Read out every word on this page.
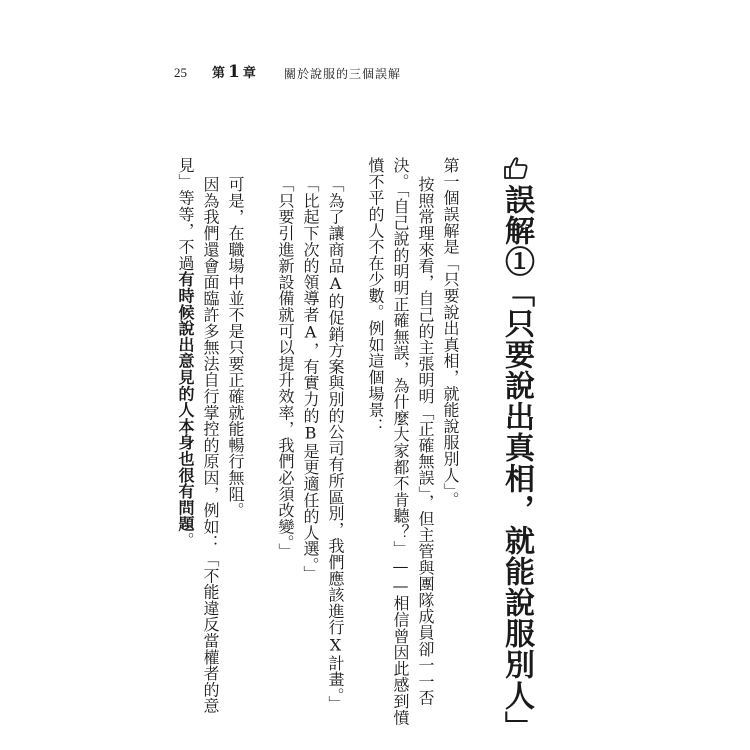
25 第 1 章 關於說服的三個誤解
誤解①「只要說出真相，就能說服別人」
第一個誤解是「只要說出真相，就能說服別人」。
按照常理來看，自己的主張明明「正確無誤」，但主管與團隊成員卻一一否
決。「自己說的明明正確無誤，為什麼大家都不肯聽？」——相信曾因此感到憤
憤不平的人不在少數。例如這個場景：
「為了讓商品A的促銷方案與別的公司有所區別，我們應該進行X計畫。」
「比起下次的領導者A，有實力的B是更適任的人選。」
「只要引進新設備就可以提升效率，我們必須改變。」
可是，在職場中並不是只要正確就能暢行無阻。
因為我們還會面臨許多無法自行掌控的原因，例如：「不能違反當權者的意
見」等等，不過有時候說出意見的人本身也很有問題。
